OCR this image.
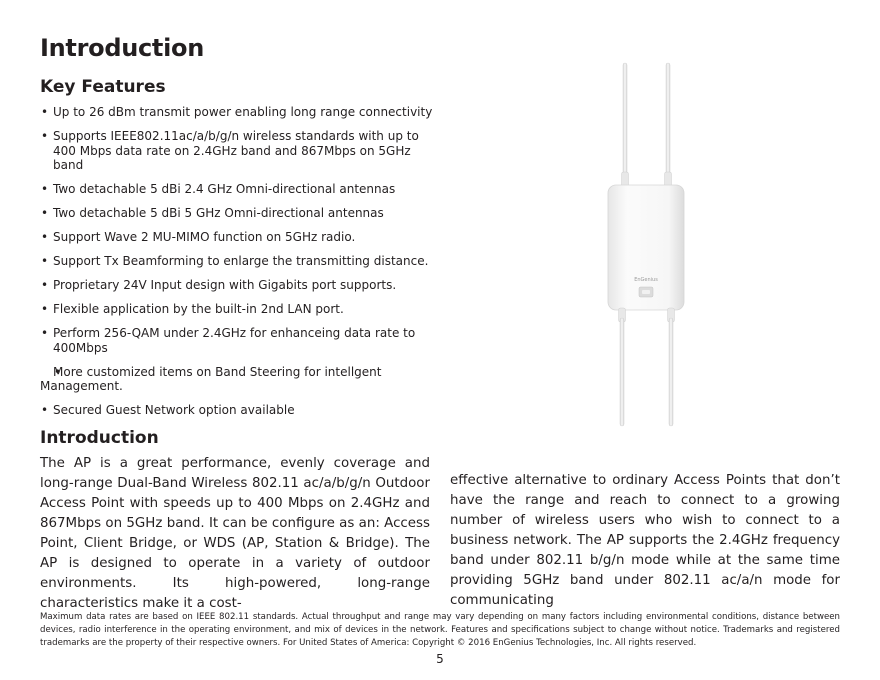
Introduction
Key Features
• Up to 26 dBm transmit power enabling long range connectivity
• Supports IEEE802.11ac/a/b/g/n wireless standards with up to 400 Mbps data rate on 2.4GHz band and 867Mbps on 5GHz band
• Two detachable 5 dBi 2.4 GHz Omni-directional antennas
• Two detachable 5 dBi 5 GHz Omni-directional antennas
• Support Wave 2 MU-MIMO function on 5GHz radio.
• Support Tx Beamforming to enlarge the transmitting distance.
• Proprietary 24V Input design with Gigabits port supports.
• Flexible application by the built-in 2nd LAN port.
• Perform 256-QAM under 2.4GHz for enhanceing data rate to 400Mbps
• More customized items on Band Steering for intellgent Management.
• Secured Guest Network option available
EnGenius
Introduction

The AP is a great performance, evenly coverage and long-range Dual-Band Wireless 802.11 ac/a/b/g/n Outdoor Access Point with speeds up to 400 Mbps on 2.4GHz and 867Mbps on 5GHz band. It can be configure as an: Access Point, Client Bridge, or WDS (AP, Station & Bridge). The AP is designed to operate in a variety of outdoor environments. Its high-powered, long-range characteristics make it a cost-

effective alternative to ordinary Access Points that don’t have the range and reach to connect to a growing number of wireless users who wish to connect to a business network. The AP supports the 2.4GHz frequency band under 802.11 b/g/n mode while at the same time providing 5GHz band under 802.11 ac/a/n mode for communicating

Maximum data rates are based on IEEE 802.11 standards. Actual throughput and range may vary depending on many factors including environmental conditions, distance between devices, radio interference in the operating environment, and mix of devices in the network. Features and specifications subject to change without notice. Trademarks and registered trademarks are the property of their respective owners. For United States of America: Copyright © 2016 EnGenius Technologies, Inc. All rights reserved.

5
